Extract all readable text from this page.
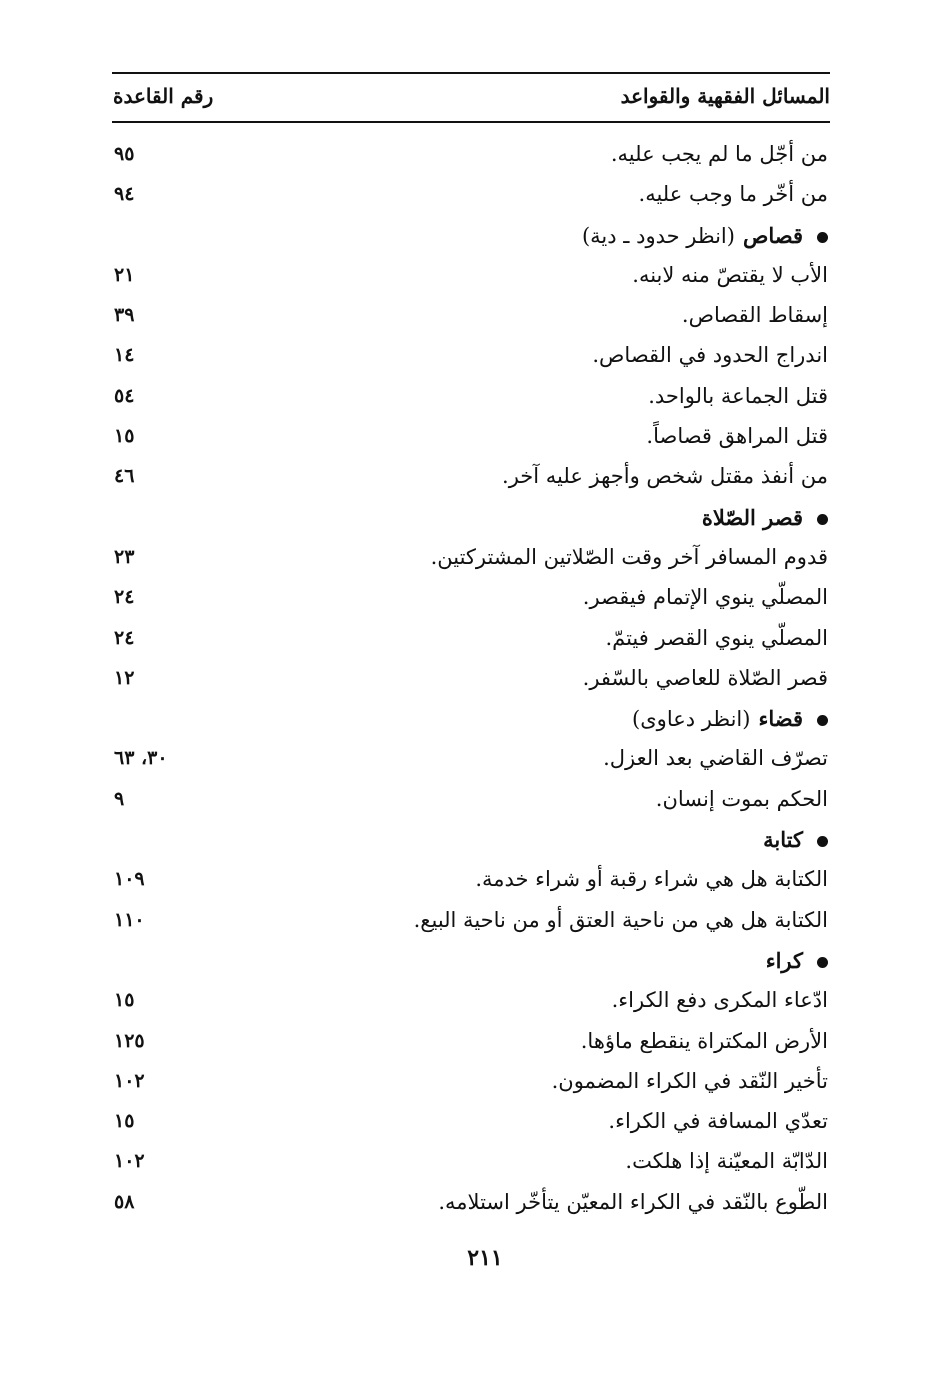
المسائل الفقهية والقواعد
رقم القاعدة
من أجّل ما لم يجب عليه.
٩٥
من أخّر ما وجب عليه.
٩٤
قصاص(انظر حدود ـ دية)
الأب لا يقتصّ منه لابنه.
٢١
إسقاط القصاص.
٣٩
اندراج الحدود في القصاص.
١٤
قتل الجماعة بالواحد.
٥٤
قتل المراهق قصاصاً.
١٥
من أنفذ مقتل شخص وأجهز عليه آخر.
٤٦
قصر الصّلاة
قدوم المسافر آخر وقت الصّلاتين المشتركتين.
٢٣
المصلّي ينوي الإتمام فيقصر.
٢٤
المصلّي ينوي القصر فيتمّ.
٢٤
قصر الصّلاة للعاصي بالسّفر.
١٢
قضاء(انظر دعاوى)
تصرّف القاضي بعد العزل.
٣٠، ٦٣
الحكم بموت إنسان.
٩
كتابة
الكتابة هل هي شراء رقبة أو شراء خدمة.
١٠٩
الكتابة هل هي من ناحية العتق أو من ناحية البيع.
١١٠
كراء
ادّعاء المكرى دفع الكراء.
١٥
الأرض المكتراة ينقطع ماؤها.
١٢٥
تأخير النّقد في الكراء المضمون.
١٠٢
تعدّي المسافة في الكراء.
١٥
الدّابّة المعيّنة إذا هلكت.
١٠٢
الطّوع بالنّقد في الكراء المعيّن يتأخّر استلامه.
٥٨
٢١١
